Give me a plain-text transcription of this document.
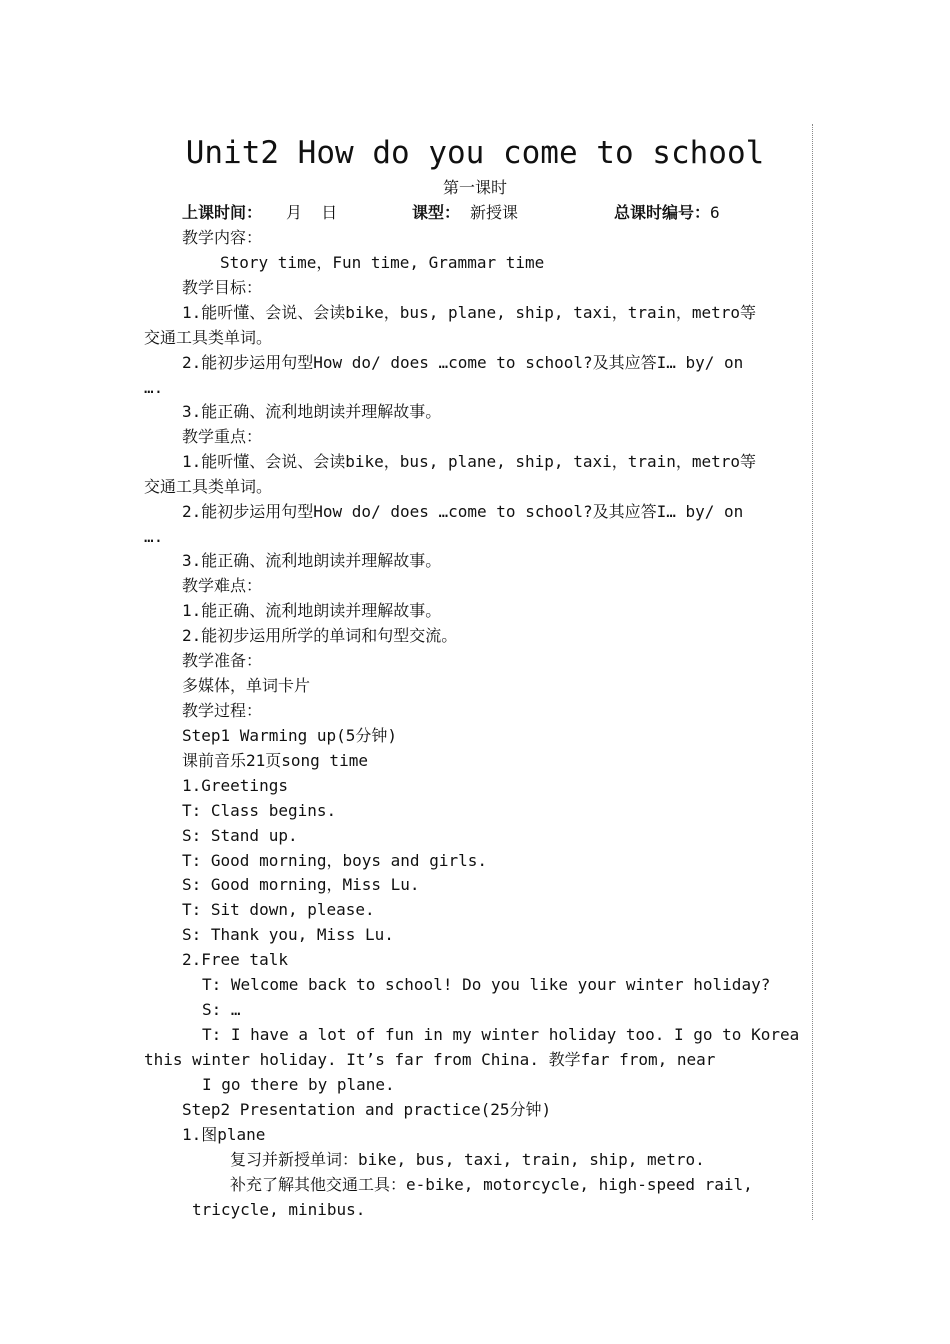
Unit2 How do you come to school
第一课时

上课时间：

月  日

	课型：

新授课

	总课时编号：

6

教学内容：
Story time，Fun time, Grammar time
教学目标：
1.能听懂、会说、会读bike，bus, plane, ship, taxi，train，metro等
交通工具类单词。
2.能初步运用句型How do/ does …come to school?及其应答I… by/ on
….
3.能正确、流利地朗读并理解故事。
教学重点：
1.能听懂、会说、会读bike，bus, plane, ship, taxi，train，metro等
交通工具类单词。
2.能初步运用句型How do/ does …come to school?及其应答I… by/ on
….
3.能正确、流利地朗读并理解故事。
教学难点：
1.能正确、流利地朗读并理解故事。
2.能初步运用所学的单词和句型交流。
教学准备：
多媒体，单词卡片
教学过程：
Step1 Warming up(5分钟)
课前音乐21页song time
1.Greetings
T: Class begins.
S: Stand up.
T: Good morning，boys and girls.
S: Good morning，Miss Lu.
T: Sit down, please.
S: Thank you, Miss Lu.
2.Free talk
T: Welcome back to school! Do you like your winter holiday?
S: …
T: I have a lot of fun in my winter holiday too. I go to Korea
this winter holiday. It’s far from China. 教学far from, near
I go there by plane.
Step2 Presentation and practice(25分钟)
1.图plane
复习并新授单词：bike, bus, taxi, train, ship, metro.
补充了解其他交通工具：e-bike, motorcycle, high-speed rail,
tricycle, minibus.
